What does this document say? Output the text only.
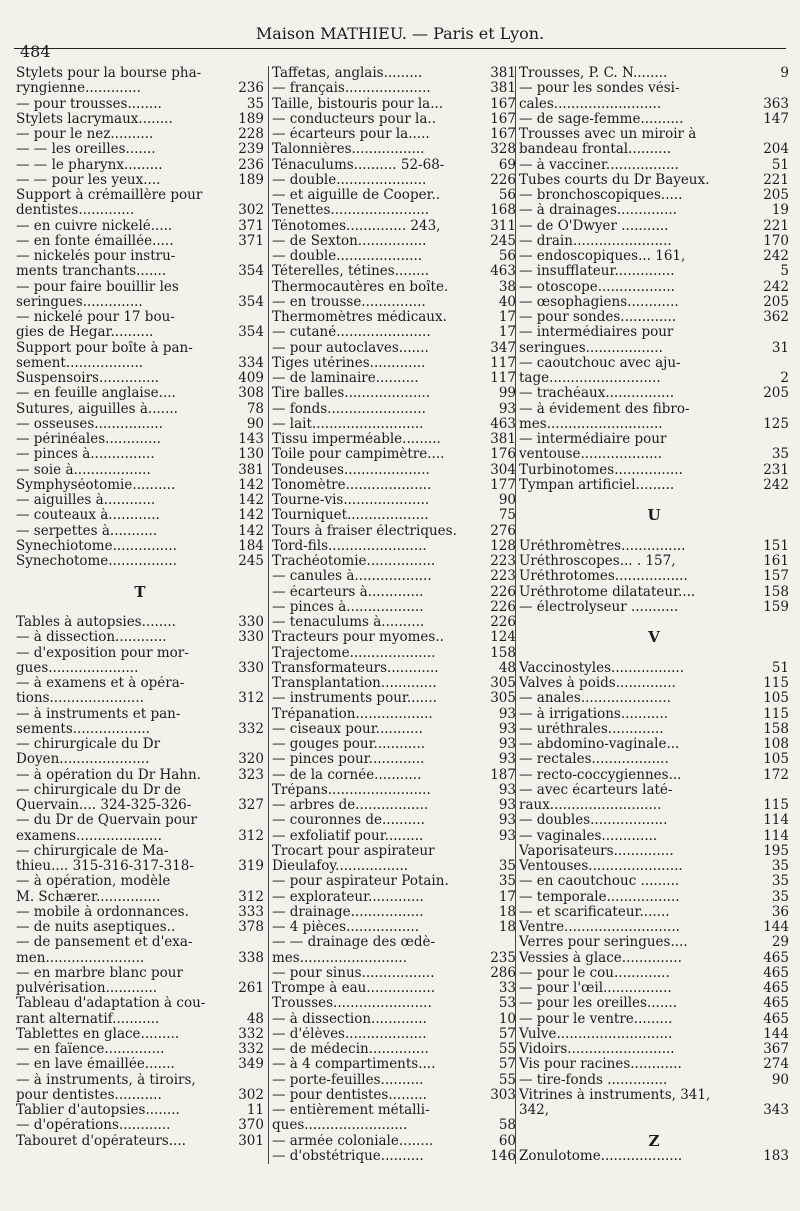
484
Maison MATHIEU. — Paris et Lyon.
Stylets pour la bourse pha-
ryngienne.............	236
— pour trousses........	35
Stylets lacrymaux........	189
— pour le nez..........	228
— — les oreilles.......	239
— — le pharynx.........	236
— — pour les yeux....	189
Support à crémaillère pour
dentistes.............	302
— en cuivre nickelé.....	371
— en fonte émaillée.....	371
— nickelés pour instru-
ments tranchants.......	354
— pour faire bouillir les
seringues..............	354
— nickelé pour 17 bou-
gies de Hegar..........	354
Support pour boîte à pan-
sement..................	334
Suspensoirs..............	409
— en feuille anglaise....	308
Sutures, aiguilles à.......	78
— osseuses................	90
— périnéales.............	143
— pinces à...............	130
— soie à..................	381
Symphyséotomie..........	142
— aiguilles à............	142
— couteaux à............	142
— serpettes à...........	142
Synechiotome...............	184
Synechotome................	245
T
Tables à autopsies........	330
— à dissection............	330
— d'exposition pour mor-
gues.....................	330
— à examens et à opéra-
tions......................	312
— à instruments et pan-
sements..................	332
— chirurgicale du Dr
Doyen.....................	320
— à opération du Dr Hahn.	323
— chirurgicale du Dr de
Quervain.... 324-325-326-	327
— du Dr de Quervain pour
examens....................	312
— chirurgicale de Ma-
thieu.... 315-316-317-318-	319
— à opération, modèle
M. Schærer...............	312
— mobile à ordonnances.	333
— de nuits aseptiques..	378
— de pansement et d'exa-
men.......................	338
— en marbre blanc pour
pulvérisation............	261
Tableau d'adaptation à cou-
rant alternatif...........	48
Tablettes en glace.........	332
— en faïence..............	332
— en lave émaillée.......	349
— à instruments, à tiroirs,
pour dentistes...........	302
Tablier d'autopsies........	11
— d'opérations............	370
Tabouret d'opérateurs....	301
Taffetas, anglais.........	381
— français....................	381
Taille, bistouris pour la...	167
— conducteurs pour la..	167
— écarteurs pour la.....	167
Talonnières.................	328
Ténaculums.......... 52-68-	69
— double.....................	226
— et aiguille de Cooper..	56
Tenettes.......................	168
Ténotomes.............. 243,	311
— de Sexton................	245
— double....................	56
Téterelles, tétines........	463
Thermocautères en boîte.	38
— en trousse...............	40
Thermomètres médicaux.	17
— cutané......................	17
— pour autoclaves.......	347
Tiges utérines.............	117
— de laminaire..........	117
Tire balles....................	99
— fonds.......................	93
— lait..........................	463
Tissu imperméable.........	381
Toile pour campimètre....	176
Tondeuses....................	304
Tonomètre....................	177
Tourne-vis....................	90
Tourniquet...................	75
Tours à fraiser électriques.	276
Tord-fils.......................	128
Trachéotomie................	223
— canules à..................	223
— écarteurs à.............	226
— pinces à..................	226
— tenaculums à..........	226
Tracteurs pour myomes..	124
Trajectome....................	158
Transformateurs............	48
Transplantation.............	305
— instruments pour.......	305
Trépanation..................	93
— ciseaux pour...........	93
— gouges pour............	93
— pinces pour.............	93
— de la cornée...........	187
Trépans........................	93
— arbres de.................	93
— couronnes de..........	93
— exfoliatif pour.........	93
Trocart pour aspirateur
Dieulafoy.................	35
— pour aspirateur Potain.	35
— explorateur.............	17
— drainage.................	18
— 4 pièces.................	18
— — drainage des œdè-
mes.........................	235
— pour sinus.................	286
Trompe à eau................	33
Trousses.......................	53
— à dissection.............	10
— d'élèves...................	57
— de médecin..............	55
— à 4 compartiments....	57
— porte-feuilles..........	55
— pour dentistes.........	303
— entièrement métalli-
ques........................	58
— armée coloniale........	60
— d'obstétrique..........	146
Trousses, P. C. N........	9
— pour les sondes vési-
cales.........................	363
— de sage-femme..........	147
Trousses avec un miroir à
bandeau frontal..........	204
— à vacciner.................	51
Tubes courts du Dr Bayeux.	221
— bronchoscopiques.....	205
— à drainages..............	19
— de O'Dwyer ...........	221
— drain.......................	170
— endoscopiques... 161,	242
— insufflateur..............	5
— otoscope..................	242
— œsophagiens............	205
— pour sondes.............	362
— intermédiaires pour
seringues..................	31
— caoutchouc avec aju-
tage..........................	2
— trachéaux................	205
— à évidement des fibro-
mes...........................	125
— intermédiaire pour
ventouse...................	35
Turbinotomes................	231
Tympan artificiel.........	242
U
Uréthromètres...............	151
Uréthroscopes... . 157,	161
Uréthrotomes.................	157
Uréthrotome dilatateur....	158
— électrolyseur ...........	159
V
Vaccinostyles.................	51
Valves à poids..............	115
— anales.....................	105
— à irrigations...........	115
— uréthrales.............	158
— abdomino-vaginale...	108
— rectales..................	105
— recto-coccygiennes...	172
— avec écarteurs laté-
raux..........................	115
— doubles..................	114
— vaginales.............	114
Vaporisateurs..............	195
Ventouses......................	35
— en caoutchouc .........	35
— temporale.................	35
— et scarificateur.......	36
Ventre...........................	144
Verres pour seringues....	29
Vessies à glace..............	465
— pour le cou.............	465
— pour l'œil................	465
— pour les oreilles.......	465
— pour le ventre.........	465
Vulve...........................	144
Vidoirs.........................	367
Vis pour racines............	274
— tire-fonds ..............	90
Vitrines à instruments, 341,
342,	343
Z
Zonulotome...................	183
